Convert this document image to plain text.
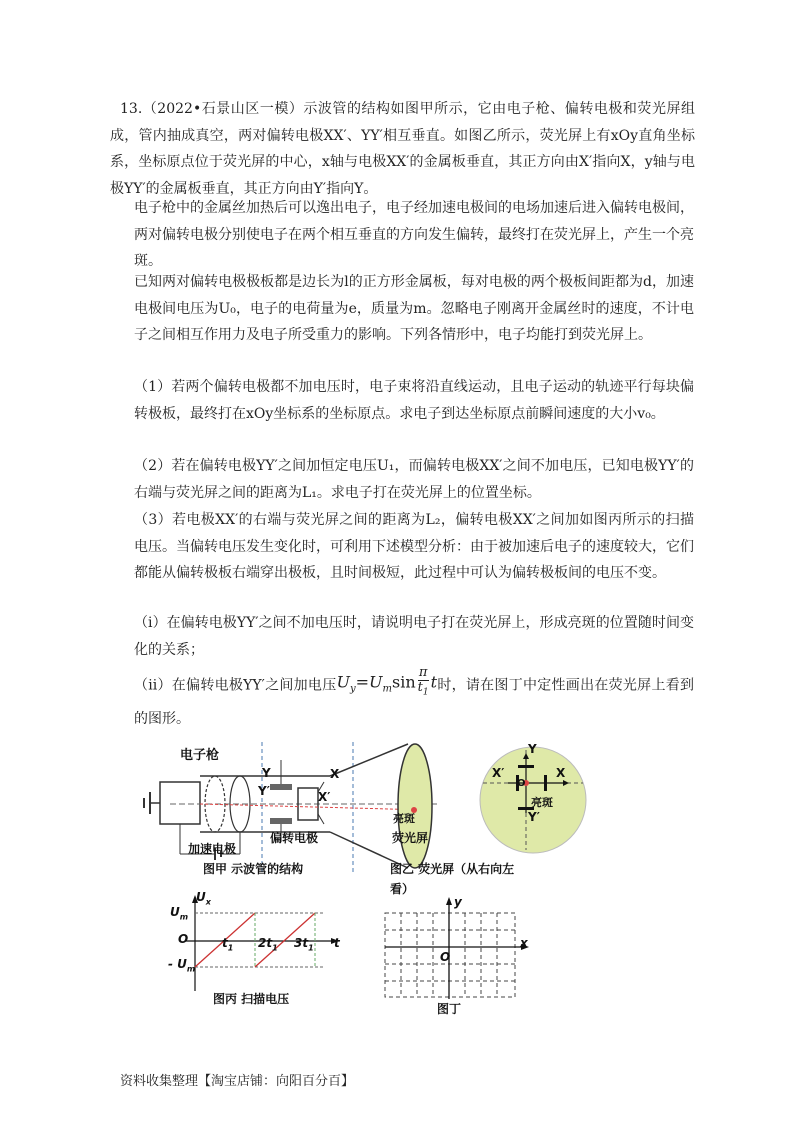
13.（2022•石景山区一模）示波管的结构如图甲所示，它由电子枪、偏转电极和荧光屏组成，管内抽成真空，两对偏转电极XX′、YY′相互垂直。如图乙所示，荧光屏上有xOy直角坐标系，坐标原点位于荧光屏的中心，x轴与电极XX′的金属板垂直，其正方向由X′指向X，y轴与电极YY′的金属板垂直，其正方向由Y′指向Y。
电子枪中的金属丝加热后可以逸出电子，电子经加速电极间的电场加速后进入偏转电极间，两对偏转电极分别使电子在两个相互垂直的方向发生偏转，最终打在荧光屏上，产生一个亮斑。
已知两对偏转电极极板都是边长为l的正方形金属板，每对电极的两个极板间距都为d，加速电极间电压为U₀，电子的电荷量为e，质量为m。忽略电子刚离开金属丝时的速度，不计电子之间相互作用力及电子所受重力的影响。下列各情形中，电子均能打到荧光屏上。
（1）若两个偏转电极都不加电压时，电子束将沿直线运动，且电子运动的轨迹平行每块偏转极板，最终打在xOy坐标系的坐标原点。求电子到达坐标原点前瞬间速度的大小v₀。
（2）若在偏转电极YY′之间加恒定电压U₁，而偏转电极XX′之间不加电压，已知电极YY′的右端与荧光屏之间的距离为L₁。求电子打在荧光屏上的位置坐标。
（3）若电极XX′的右端与荧光屏之间的距离为L₂，偏转电极XX′之间加如图丙所示的扫描电压。当偏转电压发生变化时，可利用下述模型分析：由于被加速后电子的速度较大，它们都能从偏转极板右端穿出极板，且时间极短，此过程中可认为偏转极板间的电压不变。
（i）在偏转电极YY′之间不加电压时，请说明电子打在荧光屏上，形成亮斑的位置随时间变化的关系；
（ii）在偏转电极YY′之间加电压$U_y=U_m\sin \frac{\pi}{t_1}$ t时，请在图丁中定性画出在荧光屏上看到的图形。
电子枪
Y
Y′
X
X′
亮斑
加速电极
偏转电极	荧光屏
图甲 示波管的结构
Y
X′	X
O
亮斑
Y′
图乙 荧光屏（从右向左
看）
$U_x$
$U_m$
O	$t_1$ $2t_1$ $3t_1$ t
- $U_m$
图丙 扫描电压
y
x
O
图丁
资料收集整理【淘宝店铺：向阳百分百】
